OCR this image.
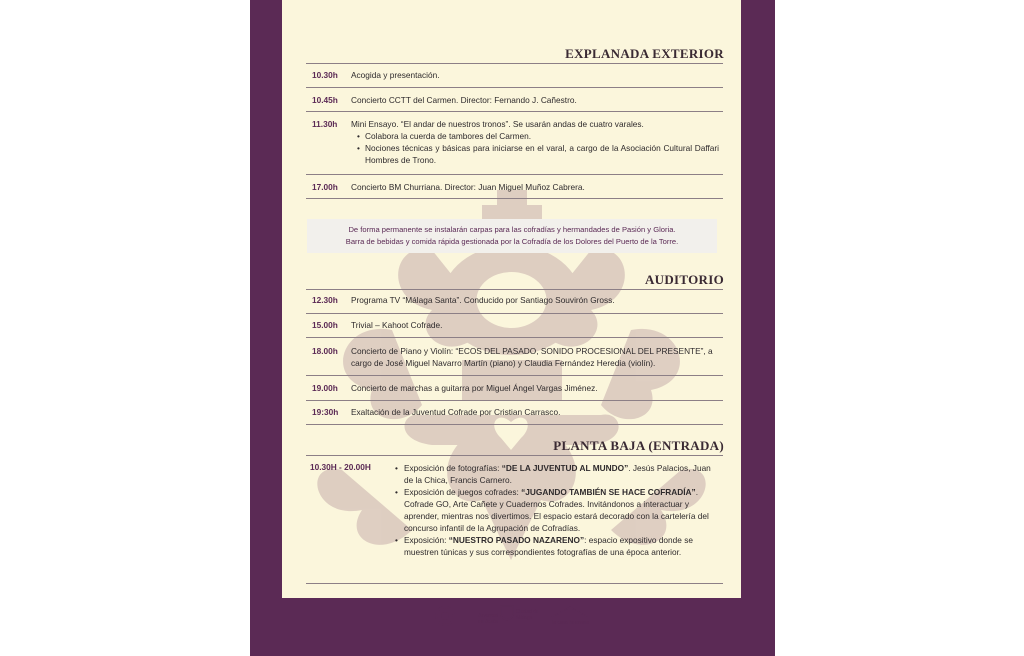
EXPLANADA EXTERIOR
10.30h Acogida y presentación.
10.45h Concierto CCTT del Carmen. Director: Fernando J. Cañestro.
11.30h Mini Ensayo. “El andar de nuestros tronos”. Se usarán andas de cuatro varales.
• Colabora la cuerda de tambores del Carmen.
• Nociones técnicas y básicas para iniciarse en el varal, a cargo de la Asociación Cultural Daffari Hombres de Trono.
17.00h Concierto BM Churriana. Director: Juan Miguel Muñoz Cabrera.
De forma permanente se instalarán carpas para las cofradías y hermandades de Pasión y Gloria.
Barra de bebidas y comida rápida gestionada por la Cofradía de los Dolores del Puerto de la Torre.
AUDITORIO
12.30h Programa TV “Málaga Santa”. Conducido por Santiago Souvirón Gross.
15.00h Trivial – Kahoot Cofrade.
18.00h Concierto de Piano y Violín: “ECOS DEL PASADO, SONIDO PROCESIONAL DEL PRESENTE”, a cargo de José Miguel Navarro Martín (piano) y Claudia Fernández Heredia (violín).
19.00h Concierto de marchas a guitarra por Miguel Ángel Vargas Jiménez.
19:30h Exaltación de la Juventud Cofrade por Cristian Carrasco.
PLANTA BAJA (ENTRADA)
10.30H - 20.00H
•	Exposición de fotografías: “DE LA JUVENTUD AL MUNDO”. Jesús Palacios, Juan de la Chica, Francis Carnero.
• Exposición de juegos cofrades: “JUGANDO TAMBIÉN SE HACE COFRADÍA”. Cofrade GO, Arte Cañete y Cuadernos Cofrades. Invitándonos a interactuar y aprender, mientras nos divertimos. El espacio estará decorado con la cartelería del concurso infantil de la Agrupación de Cofradías.
• Exposición: “NUESTRO PASADO NAZARENO”: espacio expositivo donde se muestren túnicas y sus correspondientes fotografías de una época anterior.
Juventud en Jesús
Ciudad de Málaga
la casa hermana
